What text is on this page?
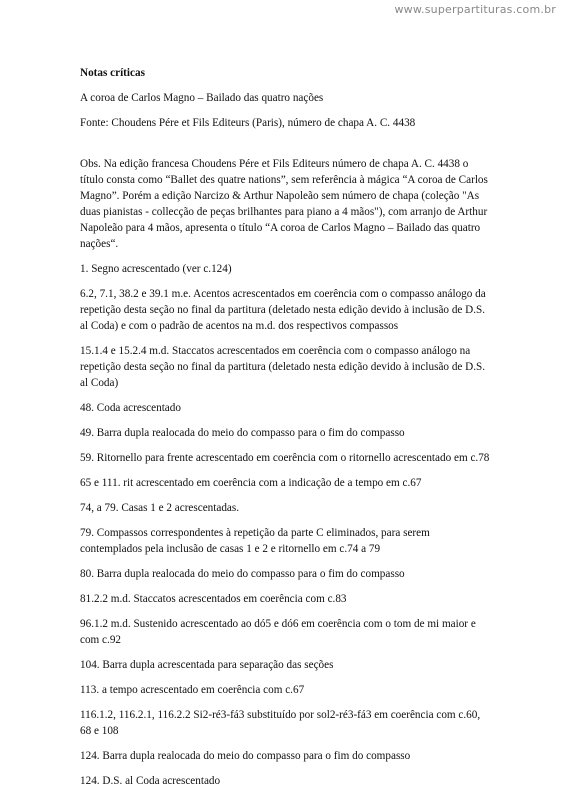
www.superpartituras.com.br
Notas críticas
A coroa de Carlos Magno – Bailado das quatro nações
Fonte: Choudens Pére et Fils Editeurs (Paris), número de chapa A. C. 4438
Obs. Na edição francesa Choudens Pére et Fils Editeurs número de chapa A. C. 4438 o título consta como “Ballet des quatre nations”, sem referência à mágica “A coroa de Carlos Magno”. Porém a edição Narcizo & Arthur Napoleão sem número de chapa (coleção "As duas pianistas - collecção de peças brilhantes para piano a 4 mãos"), com arranjo de Arthur Napoleão para 4 mãos, apresenta o título “A coroa de Carlos Magno – Bailado das quatro nações“.
1. Segno acrescentado (ver c.124)
6.2, 7.1, 38.2 e 39.1 m.e. Acentos acrescentados em coerência com o compasso análogo da repetição desta seção no final da partitura (deletado nesta edição devido à inclusão de D.S. al Coda) e com o padrão de acentos na m.d. dos respectivos compassos
15.1.4 e 15.2.4 m.d. Staccatos acrescentados em coerência com o compasso análogo na repetição desta seção no final da partitura (deletado nesta edição devido à inclusão de D.S. al Coda)
48. Coda acrescentado
49. Barra dupla realocada do meio do compasso para o fim do compasso
59. Ritornello para frente acrescentado em coerência com o ritornello acrescentado em c.78
65 e 111. rit acrescentado em coerência com a indicação de a tempo em c.67
74, a 79. Casas 1 e 2 acrescentadas.
79. Compassos correspondentes à repetição da parte C eliminados, para serem contemplados pela inclusão de casas 1 e 2 e ritornello em c.74 a 79
80. Barra dupla realocada do meio do compasso para o fim do compasso
81.2.2 m.d. Staccatos acrescentados em coerência com c.83
96.1.2 m.d. Sustenido acrescentado ao dó5 e dó6 em coerência com o tom de mi maior e com c.92
104. Barra dupla acrescentada para separação das seções
113. a tempo acrescentado em coerência com c.67
116.1.2, 116.2.1, 116.2.2 Si2-ré3-fá3 substituído por sol2-ré3-fá3 em coerência com c.60, 68 e 108
124. Barra dupla realocada do meio do compasso para o fim do compasso
124. D.S. al Coda acrescentado
